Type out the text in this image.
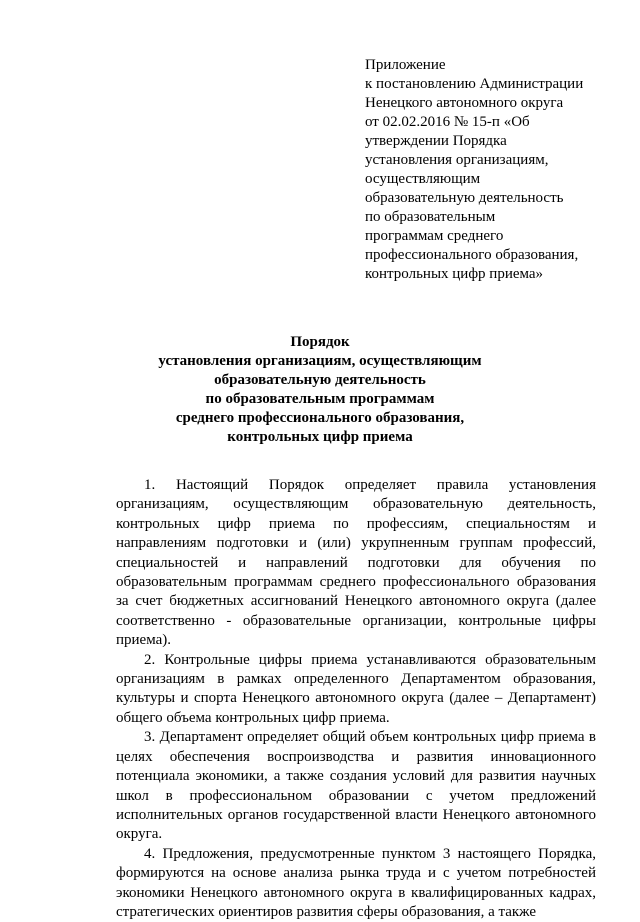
Приложение
к постановлению Администрации
Ненецкого автономного округа
от 02.02.2016 № 15-п «Об
утверждении Порядка
установления организациям,
осуществляющим
образовательную деятельность
по образовательным
программам среднего
профессионального образования,
контрольных цифр приема»
Порядок
установления организациям, осуществляющим
образовательную деятельность
по образовательным программам
среднего профессионального образования,
контрольных цифр приема

1. Настоящий Порядок определяет правила установления организациям, осуществляющим образовательную деятельность, контрольных цифр приема по профессиям, специальностям и направлениям подготовки и (или) укрупненным группам профессий, специальностей и направлений подготовки для обучения по образовательным программам среднего профессионального образования за счет бюджетных ассигнований Ненецкого автономного округа (далее соответственно - образовательные организации, контрольные цифры приема).

2. Контрольные цифры приема устанавливаются образовательным организациям в рамках определенного Департаментом образования, культуры и спорта Ненецкого автономного округа (далее – Департамент) общего объема контрольных цифр приема.

3. Департамент определяет общий объем контрольных цифр приема в целях обеспечения воспроизводства и развития инновационного потенциала экономики, а также создания условий для развития научных школ в профессиональном образовании с учетом предложений исполнительных органов государственной власти Ненецкого автономного округа.

4. Предложения, предусмотренные пунктом 3 настоящего Порядка, формируются на основе анализа рынка труда и с учетом потребностей экономики Ненецкого автономного округа в квалифицированных кадрах, стратегических ориентиров развития сферы образования, а также
